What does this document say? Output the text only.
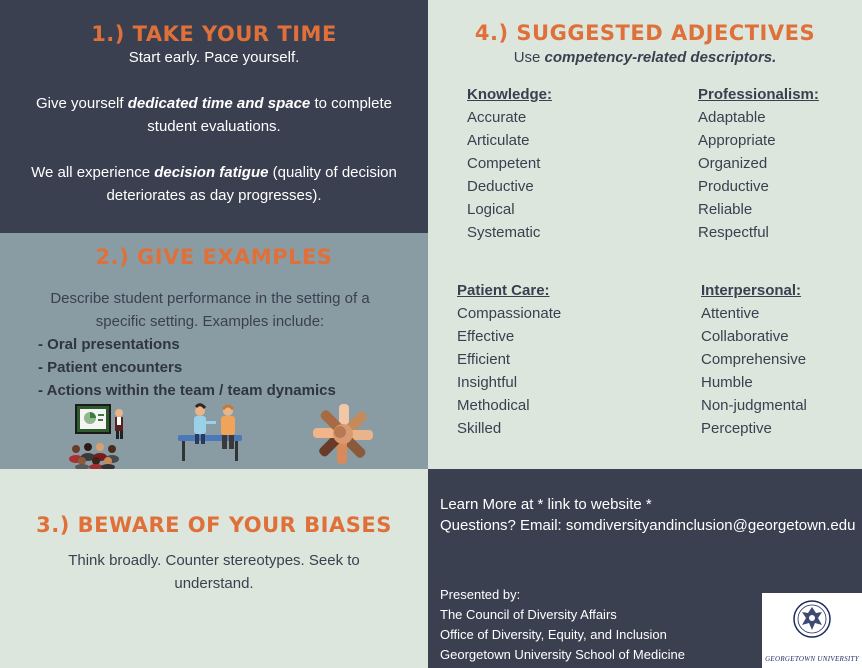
1.) TAKE YOUR TIME
Start early. Pace yourself.
Give yourself dedicated time and space to complete student evaluations.
We all experience decision fatigue (quality of decision deteriorates as day progresses).
2.) GIVE EXAMPLES
Describe student performance in the setting of a specific setting. Examples include:
- Oral presentations
- Patient encounters
- Actions within the team / team dynamics
3.) BEWARE OF YOUR BIASES
Think broadly. Counter stereotypes. Seek to understand.
4.) SUGGESTED ADJECTIVES
Use competency-related descriptors.
Knowledge:
Accurate
Articulate
Competent
Deductive
Logical
Systematic
Professionalism:
Adaptable
Appropriate
Organized
Productive
Reliable
Respectful
Patient Care:
Compassionate
Effective
Efficient
Insightful
Methodical
Skilled
Interpersonal:
Attentive
Collaborative
Comprehensive
Humble
Non-judgmental
Perceptive
Learn More at * link to website *
Questions? Email: somdiversityandinclusion@georgetown.edu
Presented by:
The Council of Diversity Affairs
Office of Diversity, Equity, and Inclusion
Georgetown University School of Medicine	GEORGETOWN UNIVERSITY
